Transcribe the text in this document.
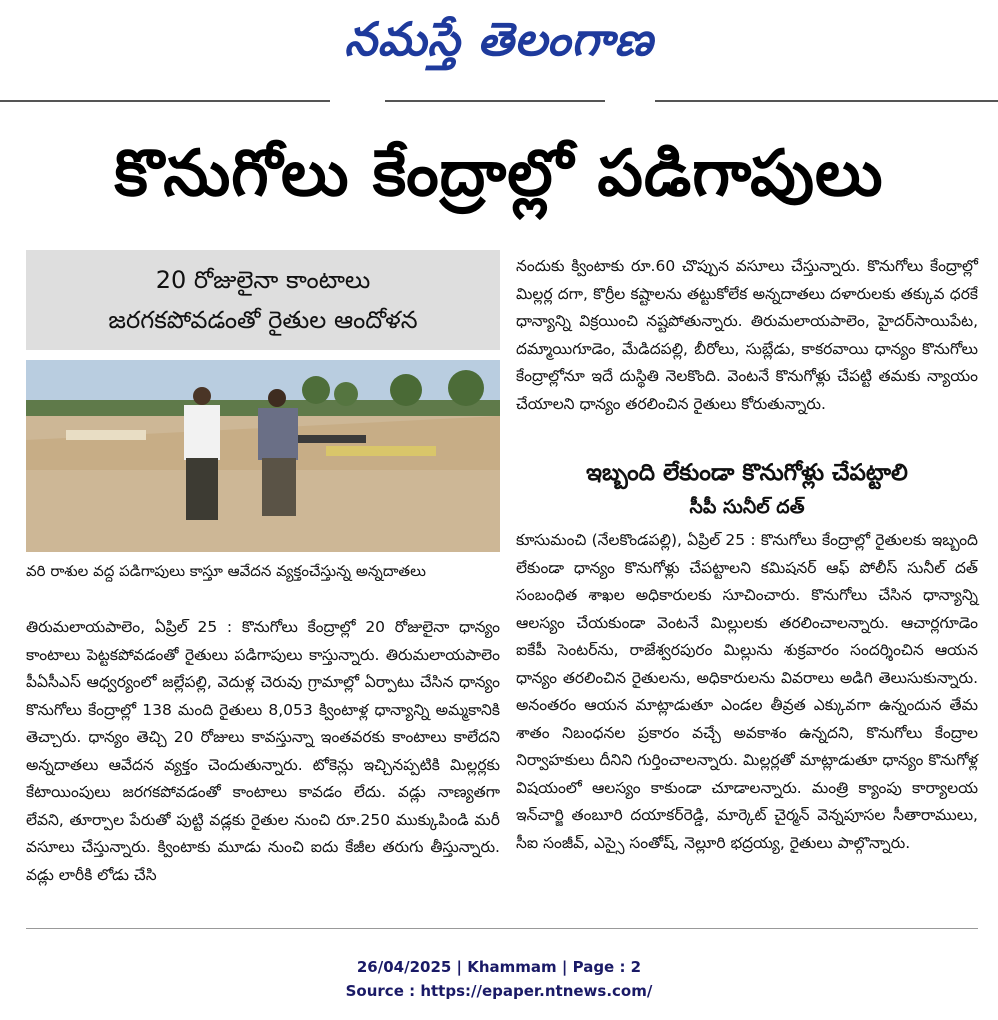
నమస్తే తెలంగాణ
కొనుగోలు కేంద్రాల్లో పడిగాపులు
20 రోజులైనా కాంటాలు
జరగకపోవడంతో రైతుల ఆందోళన
వరి రాశుల వద్ద పడిగాపులు కాస్తూ ఆవేదన వ్యక్తంచేస్తున్న అన్నదాతలు

తిరుమలాయపాలెం, ఏప్రిల్ 25 : కొనుగోలు కేంద్రాల్లో 20 రోజులైనా ధాన్యం కాంటాలు పెట్టకపోవడంతో రైతులు పడిగాపులు కాస్తున్నారు. తిరుమలాయపాలెం పీఏసీఎస్ ఆధ్వర్యంలో జల్లేపల్లి, వెదుళ్ల చెరువు గ్రామాల్లో ఏర్పాటు చేసిన ధాన్యం కొనుగోలు కేంద్రాల్లో 138 మంది రైతులు 8,053 క్వింటాళ్ల ధాన్యాన్ని అమ్మకానికి తెచ్చారు. ధాన్యం తెచ్చి 20 రోజులు కావస్తున్నా ఇంతవరకు కాంటాలు కాలేదని అన్నదాతలు ఆవేదన వ్యక్తం చెందుతున్నారు. టోకెన్లు ఇచ్చినప్పటికి మిల్లర్లకు కేటాయింపులు జరగకపోవడంతో కాంటాలు కావడం లేదు. వడ్లు నాణ్యతగా లేవని, తూర్పాల పేరుతో పుట్టి వడ్లకు రైతుల నుంచి రూ.250 ముక్కుపిండి మరీ వసూలు చేస్తున్నారు. క్వింటాకు మూడు నుంచి ఐదు కేజీల తరుగు తీస్తున్నారు. వడ్లు లారీకి లోడు చేసి

నందుకు క్వింటాకు రూ.60 చొప్పున వసూలు చేస్తున్నారు. కొనుగోలు కేంద్రాల్లో మిల్లర్ల దగా, కొర్రీల కష్టాలను తట్టుకోలేక అన్నదాతలు దళారులకు తక్కువ ధరకే ధాన్యాన్ని విక్రయించి నష్టపోతున్నారు. తిరుమలాయపాలెం, హైదర్‌సాయిపేట, దమ్మాయిగూడెం, మేడిదపల్లి, బీరోలు, సుబ్లేడు, కాకరవాయి ధాన్యం కొనుగోలు కేంద్రాల్లోనూ ఇదే దుస్థితి నెలకొంది. వెంటనే కొనుగోళ్లు చేపట్టి తమకు న్యాయం చేయాలని ధాన్యం తరలించిన రైతులు కోరుతున్నారు.

ఇబ్బంది లేకుండా కొనుగోళ్లు చేపట్టాలి
సీపీ సునీల్ దత్

కూసుమంచి (నేలకొండపల్లి), ఏప్రిల్ 25 : కొనుగోలు కేంద్రాల్లో రైతులకు ఇబ్బంది లేకుండా ధాన్యం కొనుగోళ్లు చేపట్టాలని కమిషనర్ ఆఫ్ పోలీస్ సునీల్ దత్ సంబంధిత శాఖల అధికారులకు సూచించారు. కొనుగోలు చేసిన ధాన్యాన్ని ఆలస్యం చేయకుండా వెంటనే మిల్లులకు తరలించాలన్నారు. ఆచార్లగూడెం ఐకేపీ సెంటర్‌ను, రాజేశ్వరపురం మిల్లును శుక్రవారం సందర్శించిన ఆయన ధాన్యం తరలించిన రైతులను, అధికారులను వివరాలు అడిగి తెలుసుకున్నారు. అనంతరం ఆయన మాట్లాడుతూ ఎండల తీవ్రత ఎక్కువగా ఉన్నందున తేమ శాతం నిబంధనల ప్రకారం వచ్చే అవకాశం ఉన్నదని, కొనుగోలు కేంద్రాల నిర్వాహకులు దీనిని గుర్తించాలన్నారు. మిల్లర్లతో మాట్లాడుతూ ధాన్యం కొనుగోళ్ల విషయంలో ఆలస్యం కాకుండా చూడాలన్నారు. మంత్రి క్యాంపు కార్యాలయ ఇన్‌చార్జి తంబూరి దయాకర్‌రెడ్డి, మార్కెట్ చైర్మన్ వెన్నపూసల సీతారాములు, సీఐ సంజీవ్, ఎస్సై సంతోష్, నెల్లూరి భద్రయ్య, రైతులు పాల్గొన్నారు.

26/04/2025 | Khammam | Page : 2
Source : https://epaper.ntnews.com/
